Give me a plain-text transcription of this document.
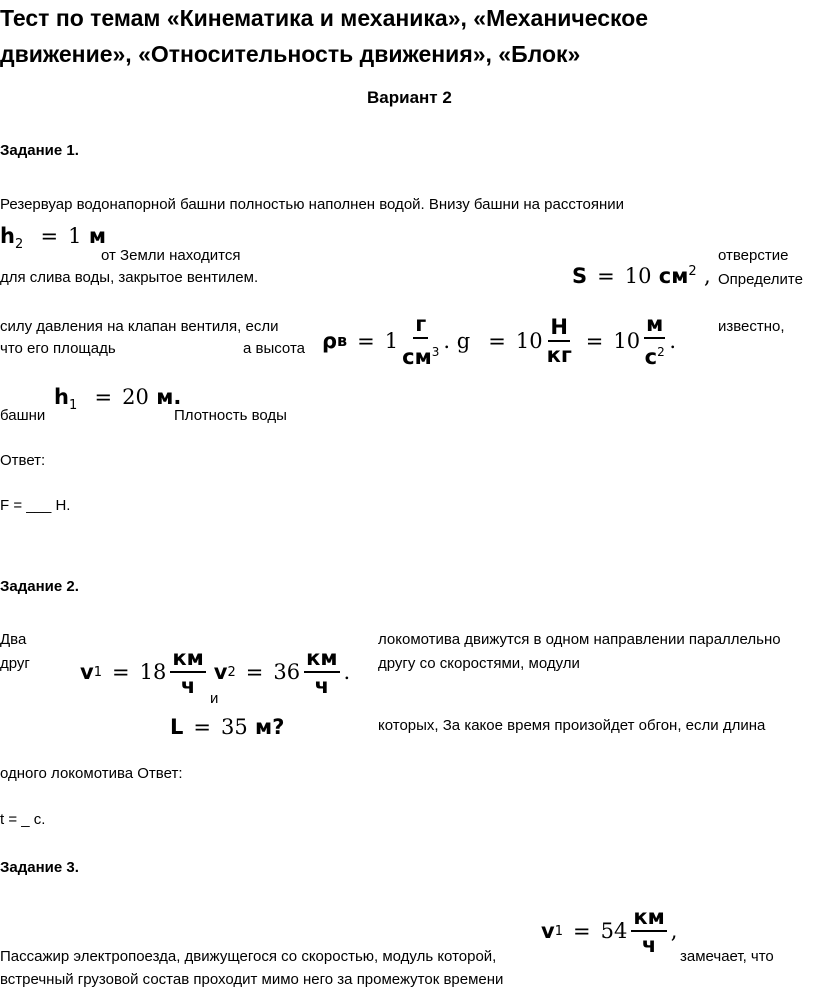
Тест по темам «Кинематика и механика», «Механическое
движение», «Относительность движения», «Блок»
Вариант 2
Задание 1.
Резервуар водонапорной башни полностью наполнен водой. Внизу башни на расстоянии
$h_2 = 1$ м
от Земли находится	отверстие
для слива воды, закрытое вентилем.	S = 10 $см^2$ , Определите
силу давления на клапан вентиля, если	известно,
что его площадь	а высота ρ $в = 1 \frac{г}{см^3}$ . $g = 10 \frac{Н}{кг} = 10 \frac{м}{с^2}$ .
$h_1 = 20$ м.
башни	Плотность воды
Ответ:
F = ___ Н.
Задание 2.
Два	локомотива движутся в одном направлении параллельно
друг	другу со скоростями, модули
v $1 = 18 \frac{км}{ч}$ v $2 = 36 \frac{км}{ч}$ .
и
L = 35 м?	которых, За какое время произойдет обгон, если длина
одного локомотива Ответ:
t = _ с.
Задание 3.
v $1 = 54 \frac{км}{ч}$ ,
Пассажир электропоезда, движущегося со скоростью, модуль которой,	замечает, что
встречный грузовой состав проходит мимо него за промежуток времени
